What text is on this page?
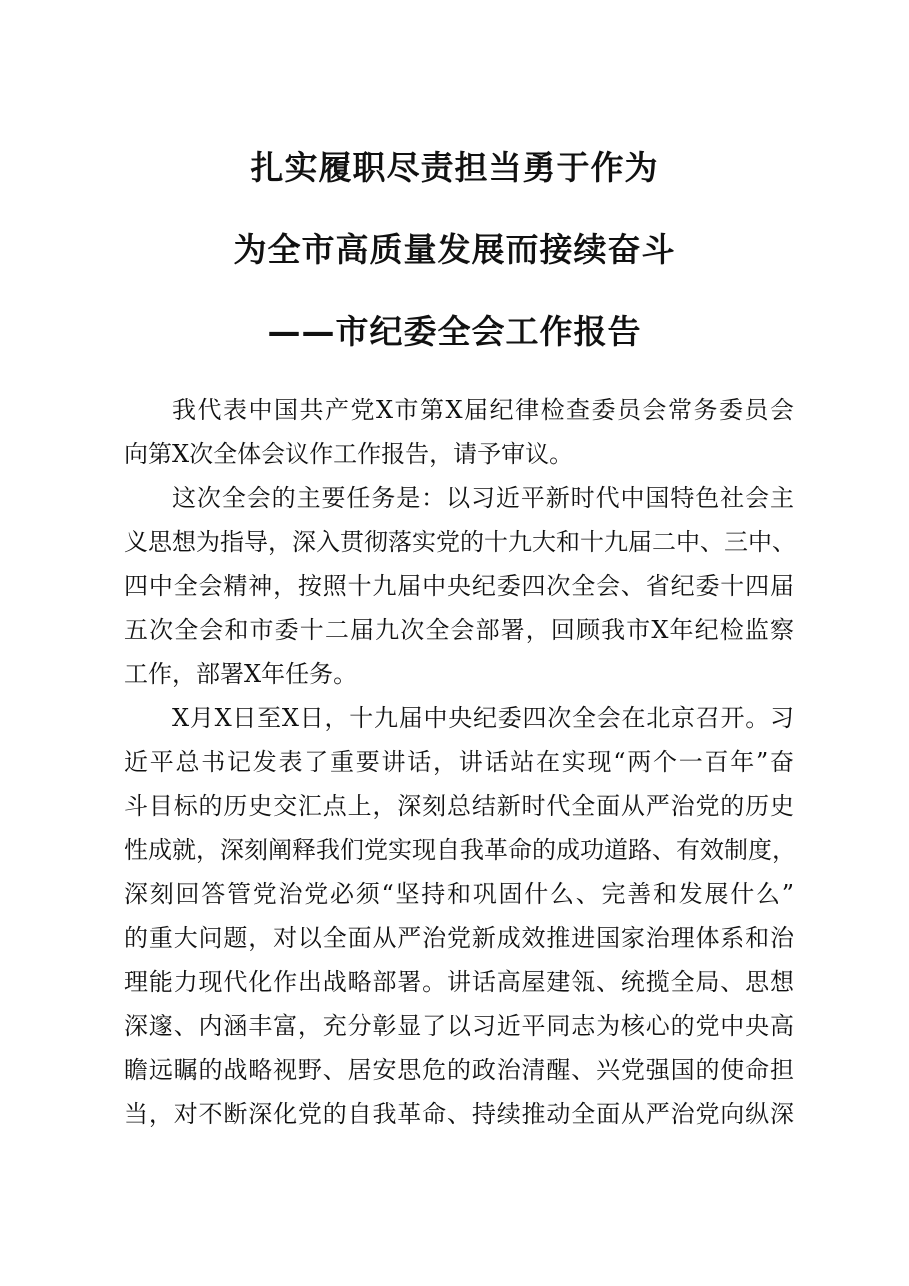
扎实履职尽责担当勇于作为
为全市高质量发展而接续奋斗
——市纪委全会工作报告
我代表中国共产党X市第X届纪律检查委员会常务委员会
向第X次全体会议作工作报告，请予审议。
这次全会的主要任务是：以习近平新时代中国特色社会主
义思想为指导，深入贯彻落实党的十九大和十九届二中、三中、
四中全会精神，按照十九届中央纪委四次全会、省纪委十四届
五次全会和市委十二届九次全会部署，回顾我市X年纪检监察
工作，部署X年任务。
X月X日至X日，十九届中央纪委四次全会在北京召开。习
近平总书记发表了重要讲话，讲话站在实现“两个一百年”奋
斗目标的历史交汇点上，深刻总结新时代全面从严治党的历史
性成就，深刻阐释我们党实现自我革命的成功道路、有效制度，
深刻回答管党治党必须“坚持和巩固什么、完善和发展什么”
的重大问题，对以全面从严治党新成效推进国家治理体系和治
理能力现代化作出战略部署。讲话高屋建瓴、统揽全局、思想
深邃、内涵丰富，充分彰显了以习近平同志为核心的党中央高
瞻远瞩的战略视野、居安思危的政治清醒、兴党强国的使命担
当，对不断深化党的自我革命、持续推动全面从严治党向纵深
